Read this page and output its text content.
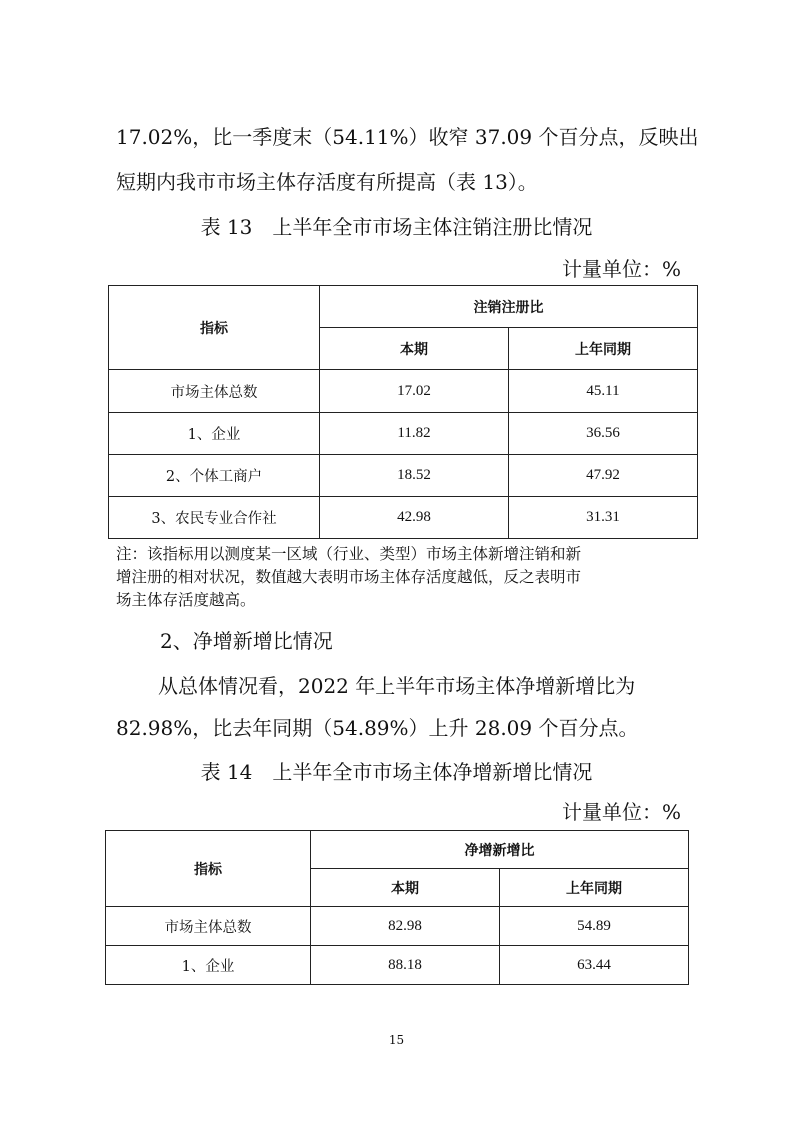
17.02%，比一季度末（54.11%）收窄 37.09 个百分点，反映出
短期内我市市场主体存活度有所提高（表 13）。
表 13　上半年全市市场主体注销注册比情况
计量单位：%
指标	注销注册比	
	本期	上年同期
市场主体总数	17.02	45.11
1、企业	11.82	36.56
2、个体工商户	18.52	47.92
3、农民专业合作社	42.98	31.31
注：该指标用以测度某一区域（行业、类型）市场主体新增注销和新
增注册的相对状况，数值越大表明市场主体存活度越低，反之表明市
场主体存活度越高。
2、净增新增比情况
从总体情况看，2022 年上半年市场主体净增新增比为
82.98%，比去年同期（54.89%）上升 28.09 个百分点。
表 14　上半年全市市场主体净增新增比情况
计量单位：%
指标	净增新增比	
	本期	上年同期
市场主体总数	82.98	54.89
1、企业	88.18	63.44
15
